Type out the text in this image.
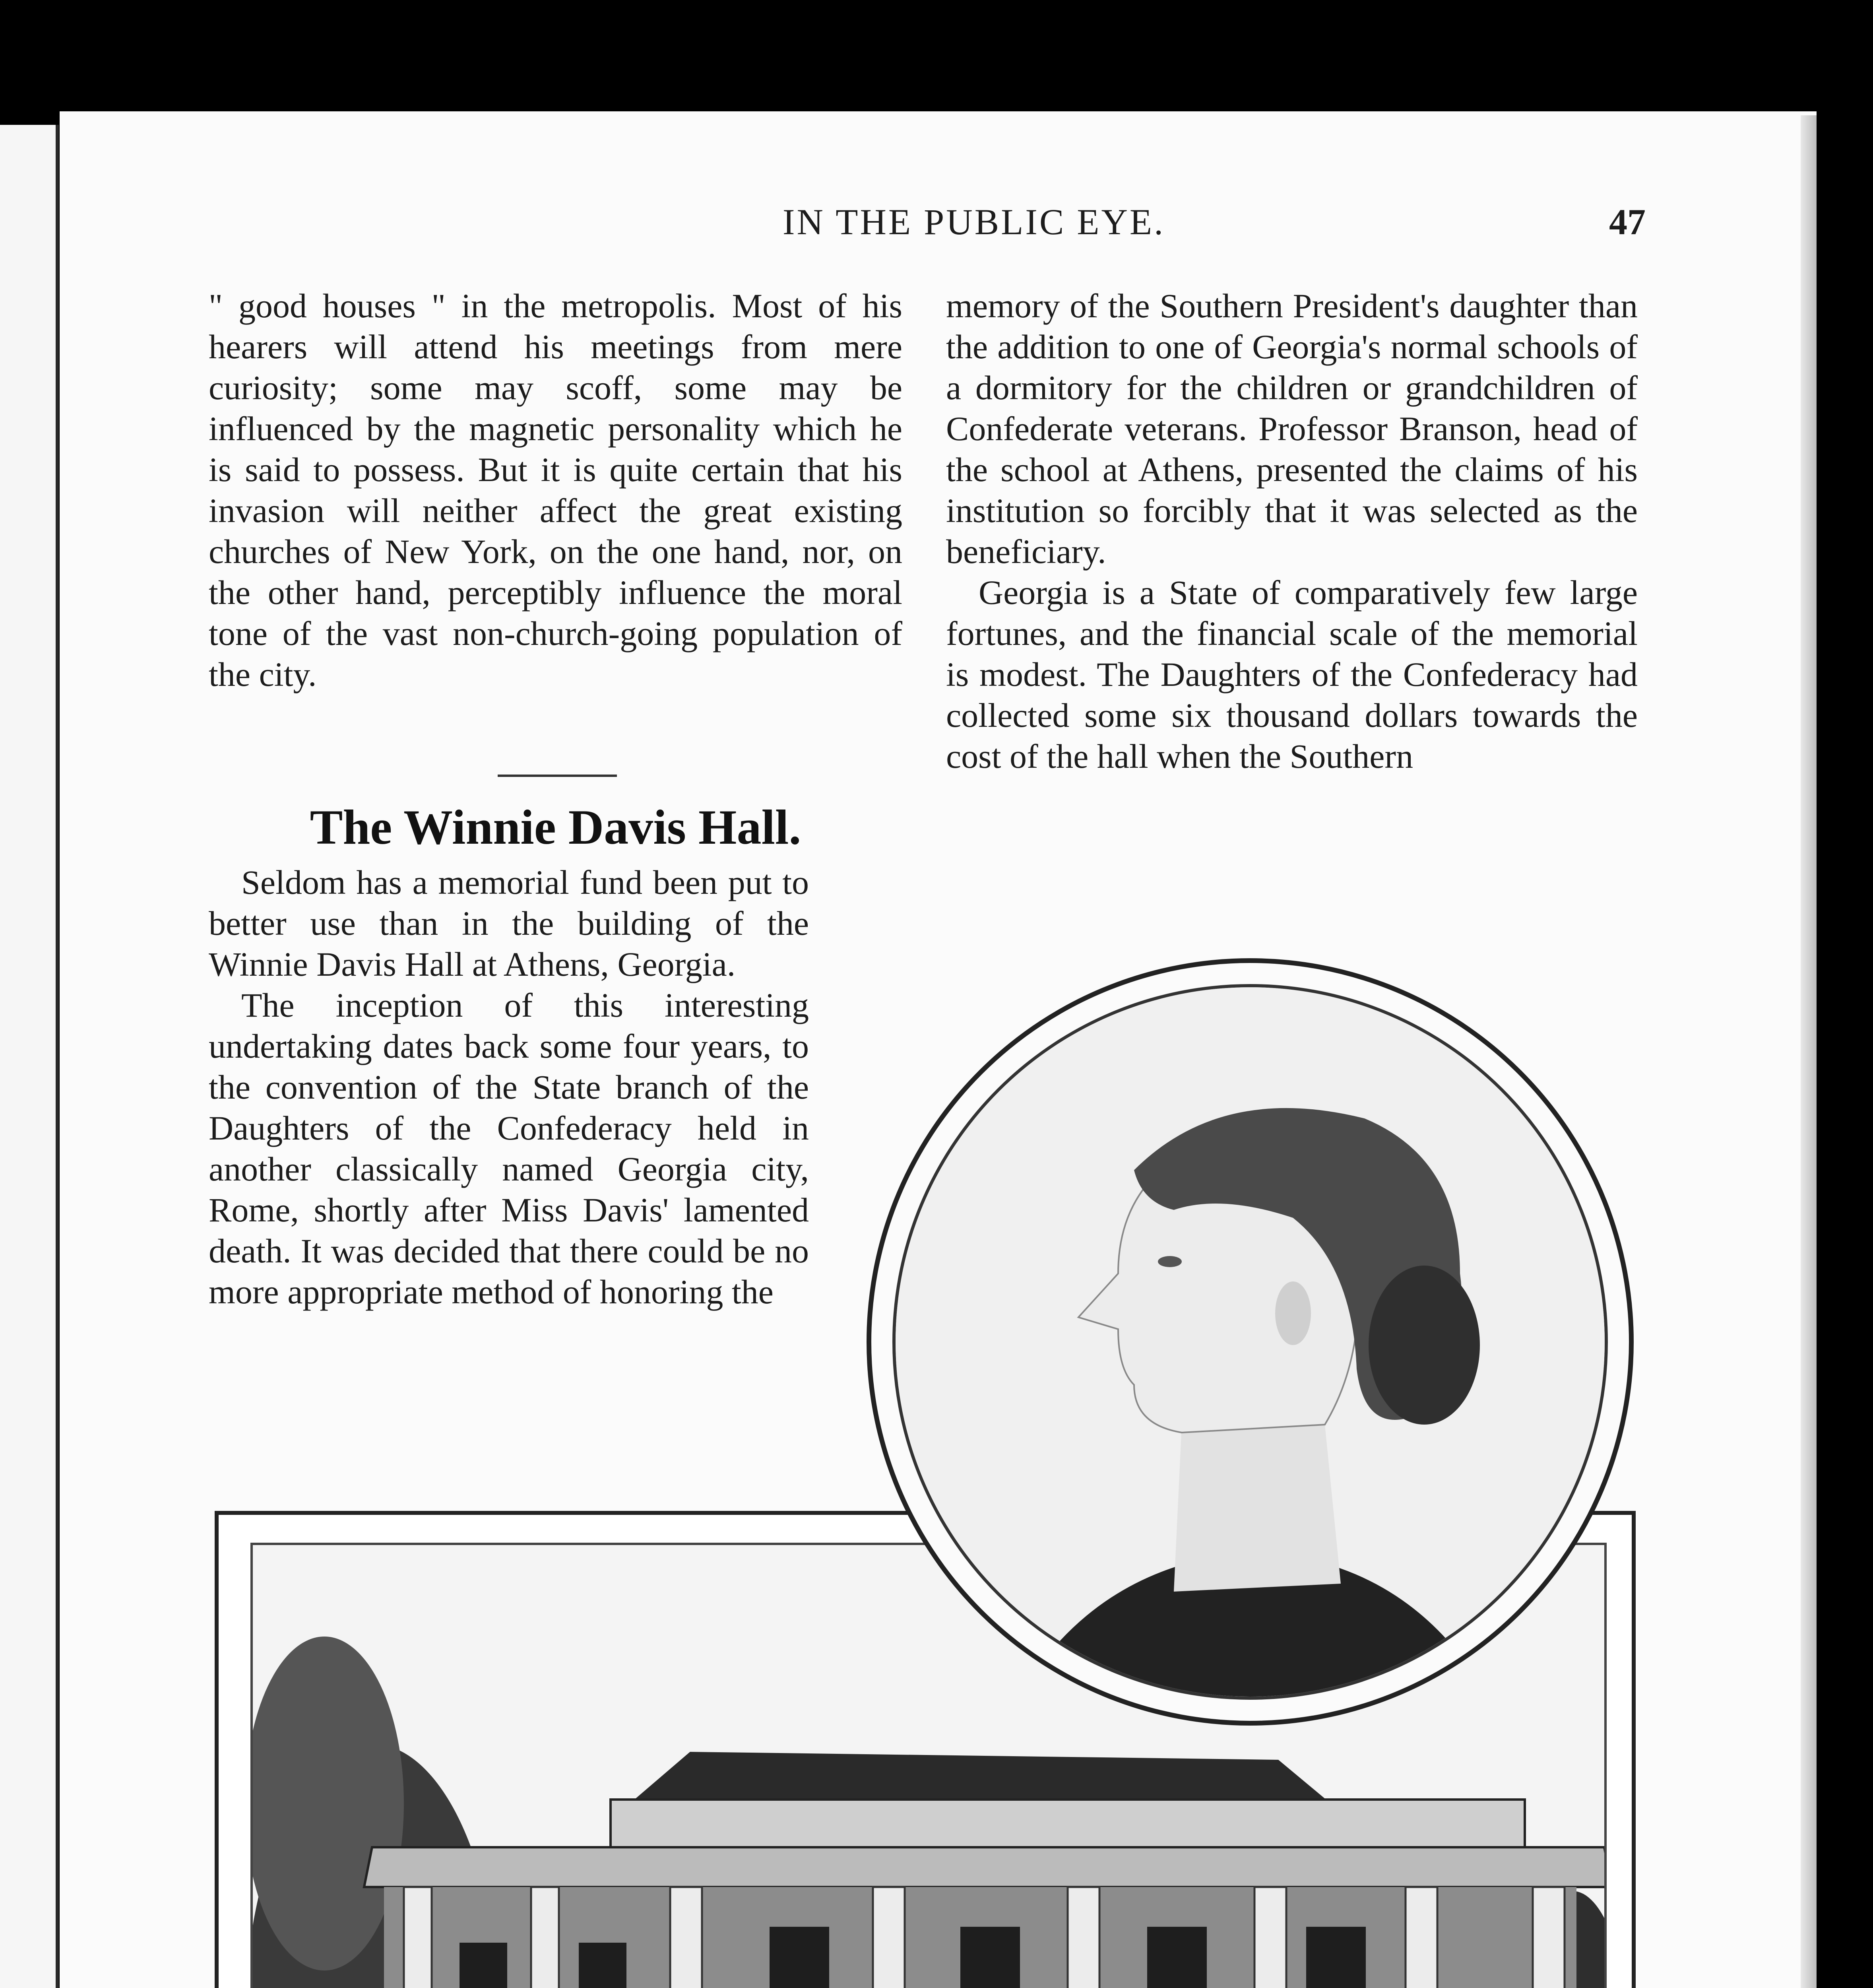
IN THE PUBLIC EYE.	47

" good houses " in the metropolis. Most of his hearers will attend his meetings from mere curiosity; some may scoff, some may be influenced by the magnetic personality which he is said to possess. But it is quite certain that his invasion will neither affect the great existing churches of New York, on the one hand, nor, on the other hand, perceptibly influence the moral tone of the vast non-church-going population of the city.

The Winnie Davis Hall.

Seldom has a memorial fund been put to better use than in the building of the Winnie Davis Hall at Athens, Georgia.

The inception of this interesting undertaking dates back some four years, to the convention of the State branch of the Daughters of the Confederacy held in another classically named Georgia city, Rome, shortly after Miss Davis' lamented death. It was decided that there could be no more appropriate method of honoring the

memory of the Southern President's daughter than the addition to one of Georgia's normal schools of a dormitory for the children or grandchildren of Confederate veterans. Professor Branson, head of the school at Athens, presented the claims of his institution so forcibly that it was selected as the beneficiary.

Georgia is a State of comparatively few large fortunes, and the financial scale of the memorial is modest. The Daughters of the Confederacy had collected some six thousand dollars towards the cost of the hall when the Southern
